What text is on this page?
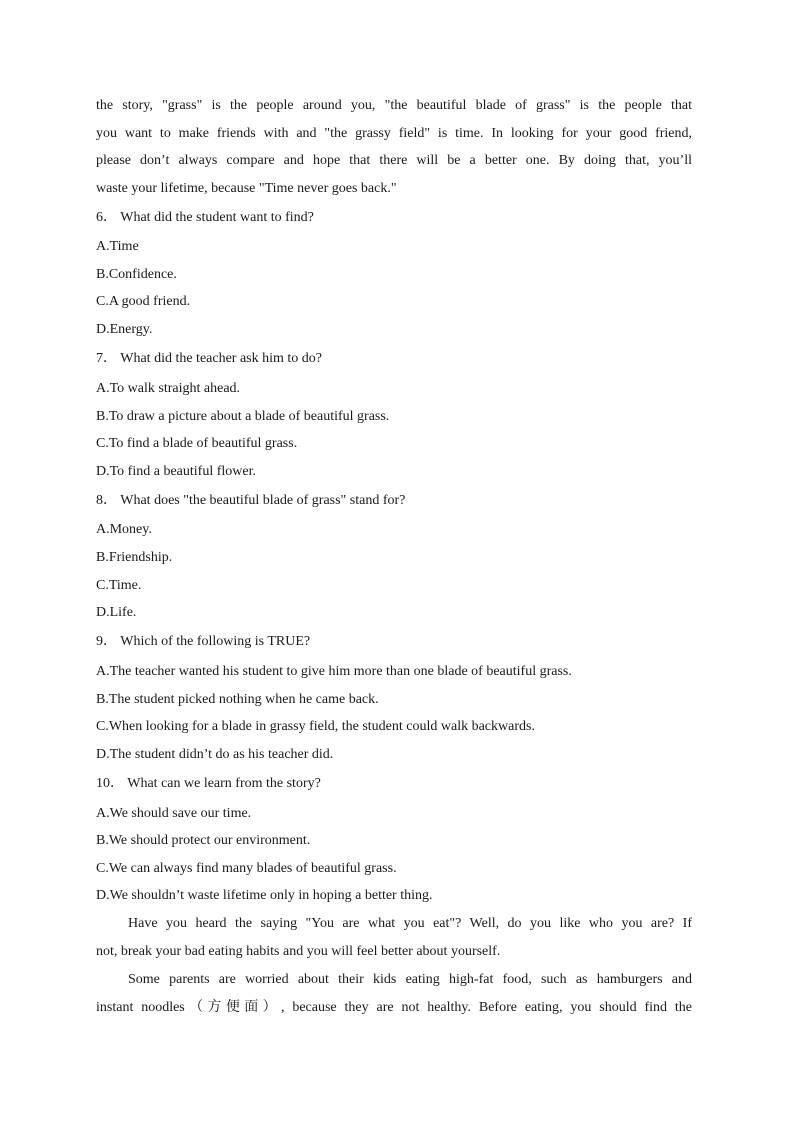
the story, "grass" is the people around you, "the beautiful blade of grass" is the people that
you want to make friends with and "the grassy field" is time. In looking for your good friend,
please don’t always compare and hope that there will be a better one. By doing that, you’ll
waste your lifetime, because "Time never goes back."
6． What did the student want to find?
A.Time
B.Confidence.
C.A good friend.
D.Energy.
7． What did the teacher ask him to do?
A.To walk straight ahead.
B.To draw a picture about a blade of beautiful grass.
C.To find a blade of beautiful grass.
D.To find a beautiful flower.
8． What does "the beautiful blade of grass" stand for?
A.Money.
B.Friendship.
C.Time.
D.Life.
9． Which of the following is TRUE?
A.The teacher wanted his student to give him more than one blade of beautiful grass.
B.The student picked nothing when he came back.
C.When looking for a blade in grassy field, the student could walk backwards.
D.The student didn’t do as his teacher did.
10． What can we learn from the story?
A.We should save our time.
B.We should protect our environment.
C.We can always find many blades of beautiful grass.
D.We shouldn’t waste lifetime only in hoping a better thing.
Have you heard the saying "You are what you eat"? Well, do you like who you are? If
not, break your bad eating habits and you will feel better about yourself.
Some parents are worried about their kids eating high-fat food, such as hamburgers and
instant noodles（方便面）, because they are not healthy. Before eating, you should find the
